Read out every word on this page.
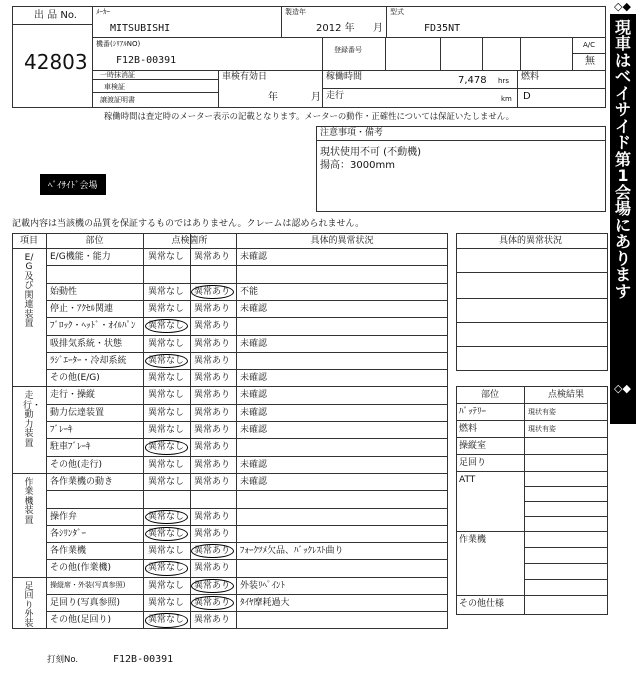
出 品 No.
42803
ﾒｰｶｰ
MITSUBISHI
製造年
2012 年 月
型式
FD35NT
機番(ｼﾘｱﾙNO)
F12B-00391
登録番号
A/C
無
一時抹消証
車検証
譲渡証明書
車検有効日
年	月
稼働時間	7,478 hrs
走行	km
燃料
D
稼働時間は査定時のメーター表示の記載となります。メーターの動作・正確性については保証いたしません。
注意事項・備考
現状使用不可 (不動機)
揚高：3000mm
ﾍﾞｲｻｲﾄﾞ会場
◇◆
現車はベイサイド第1会場にあります
◇◆
記載内容は当該機の品質を保証するものではありません。クレームは認められません。
項目	部位	点検箇所	具体的異常状況
E/G機能・能力	異常なし 異常あり 未確認
始動性	異常なし 異常あり 不能
停止・ｱｸｾﾙ関連	異常なし 異常あり 未確認
ﾌﾞﾛｯｸ・ﾍｯﾄﾞ・ｵｲﾙﾊﾟﾝ 異常なし 異常あり
吸排気系統・状態	異常なし 異常あり 未確認
ﾗｼﾞｴｰﾀｰ・冷却系統 異常なし 異常あり
その他(E/G)	異常なし 異常あり 未確認
E/G及び関連装置
走行・操縦	異常なし 異常あり 未確認
動力伝達装置	異常なし 異常あり 未確認
ﾌﾞﾚｰｷ	異常なし 異常あり 未確認
駐車ﾌﾞﾚｰｷ	異常なし 異常あり
その他(走行)	異常なし 異常あり 未確認
走行・動力装置
各作業機の動き	異常なし 異常あり 未確認
操作弁	異常なし 異常あり
各ｼﾘﾝﾀﾞｰ	異常なし 異常あり
各作業機	異常なし 異常あり ﾌｫｰｸﾂﾒ欠品、ﾊﾞｯｸﾚｽﾄ曲り
その他(作業機)	異常なし 異常あり
作業機装置
操縦席・外装(写真参照)	異常なし 異常あり 外装ﾘﾍﾟｲﾝﾄ
足回り(写真参照)	異常なし 異常あり ﾀｲﾔ摩耗過大
その他(足回り)	異常なし 異常あり
足回り外装
具体的異常状況
部位	点検結果
ﾊﾞｯﾃﾘｰ	現状有姿
燃料	現状有姿
操縦室
足回り
ATT
作業機
その他仕様
打刻No.	F12B-00391
